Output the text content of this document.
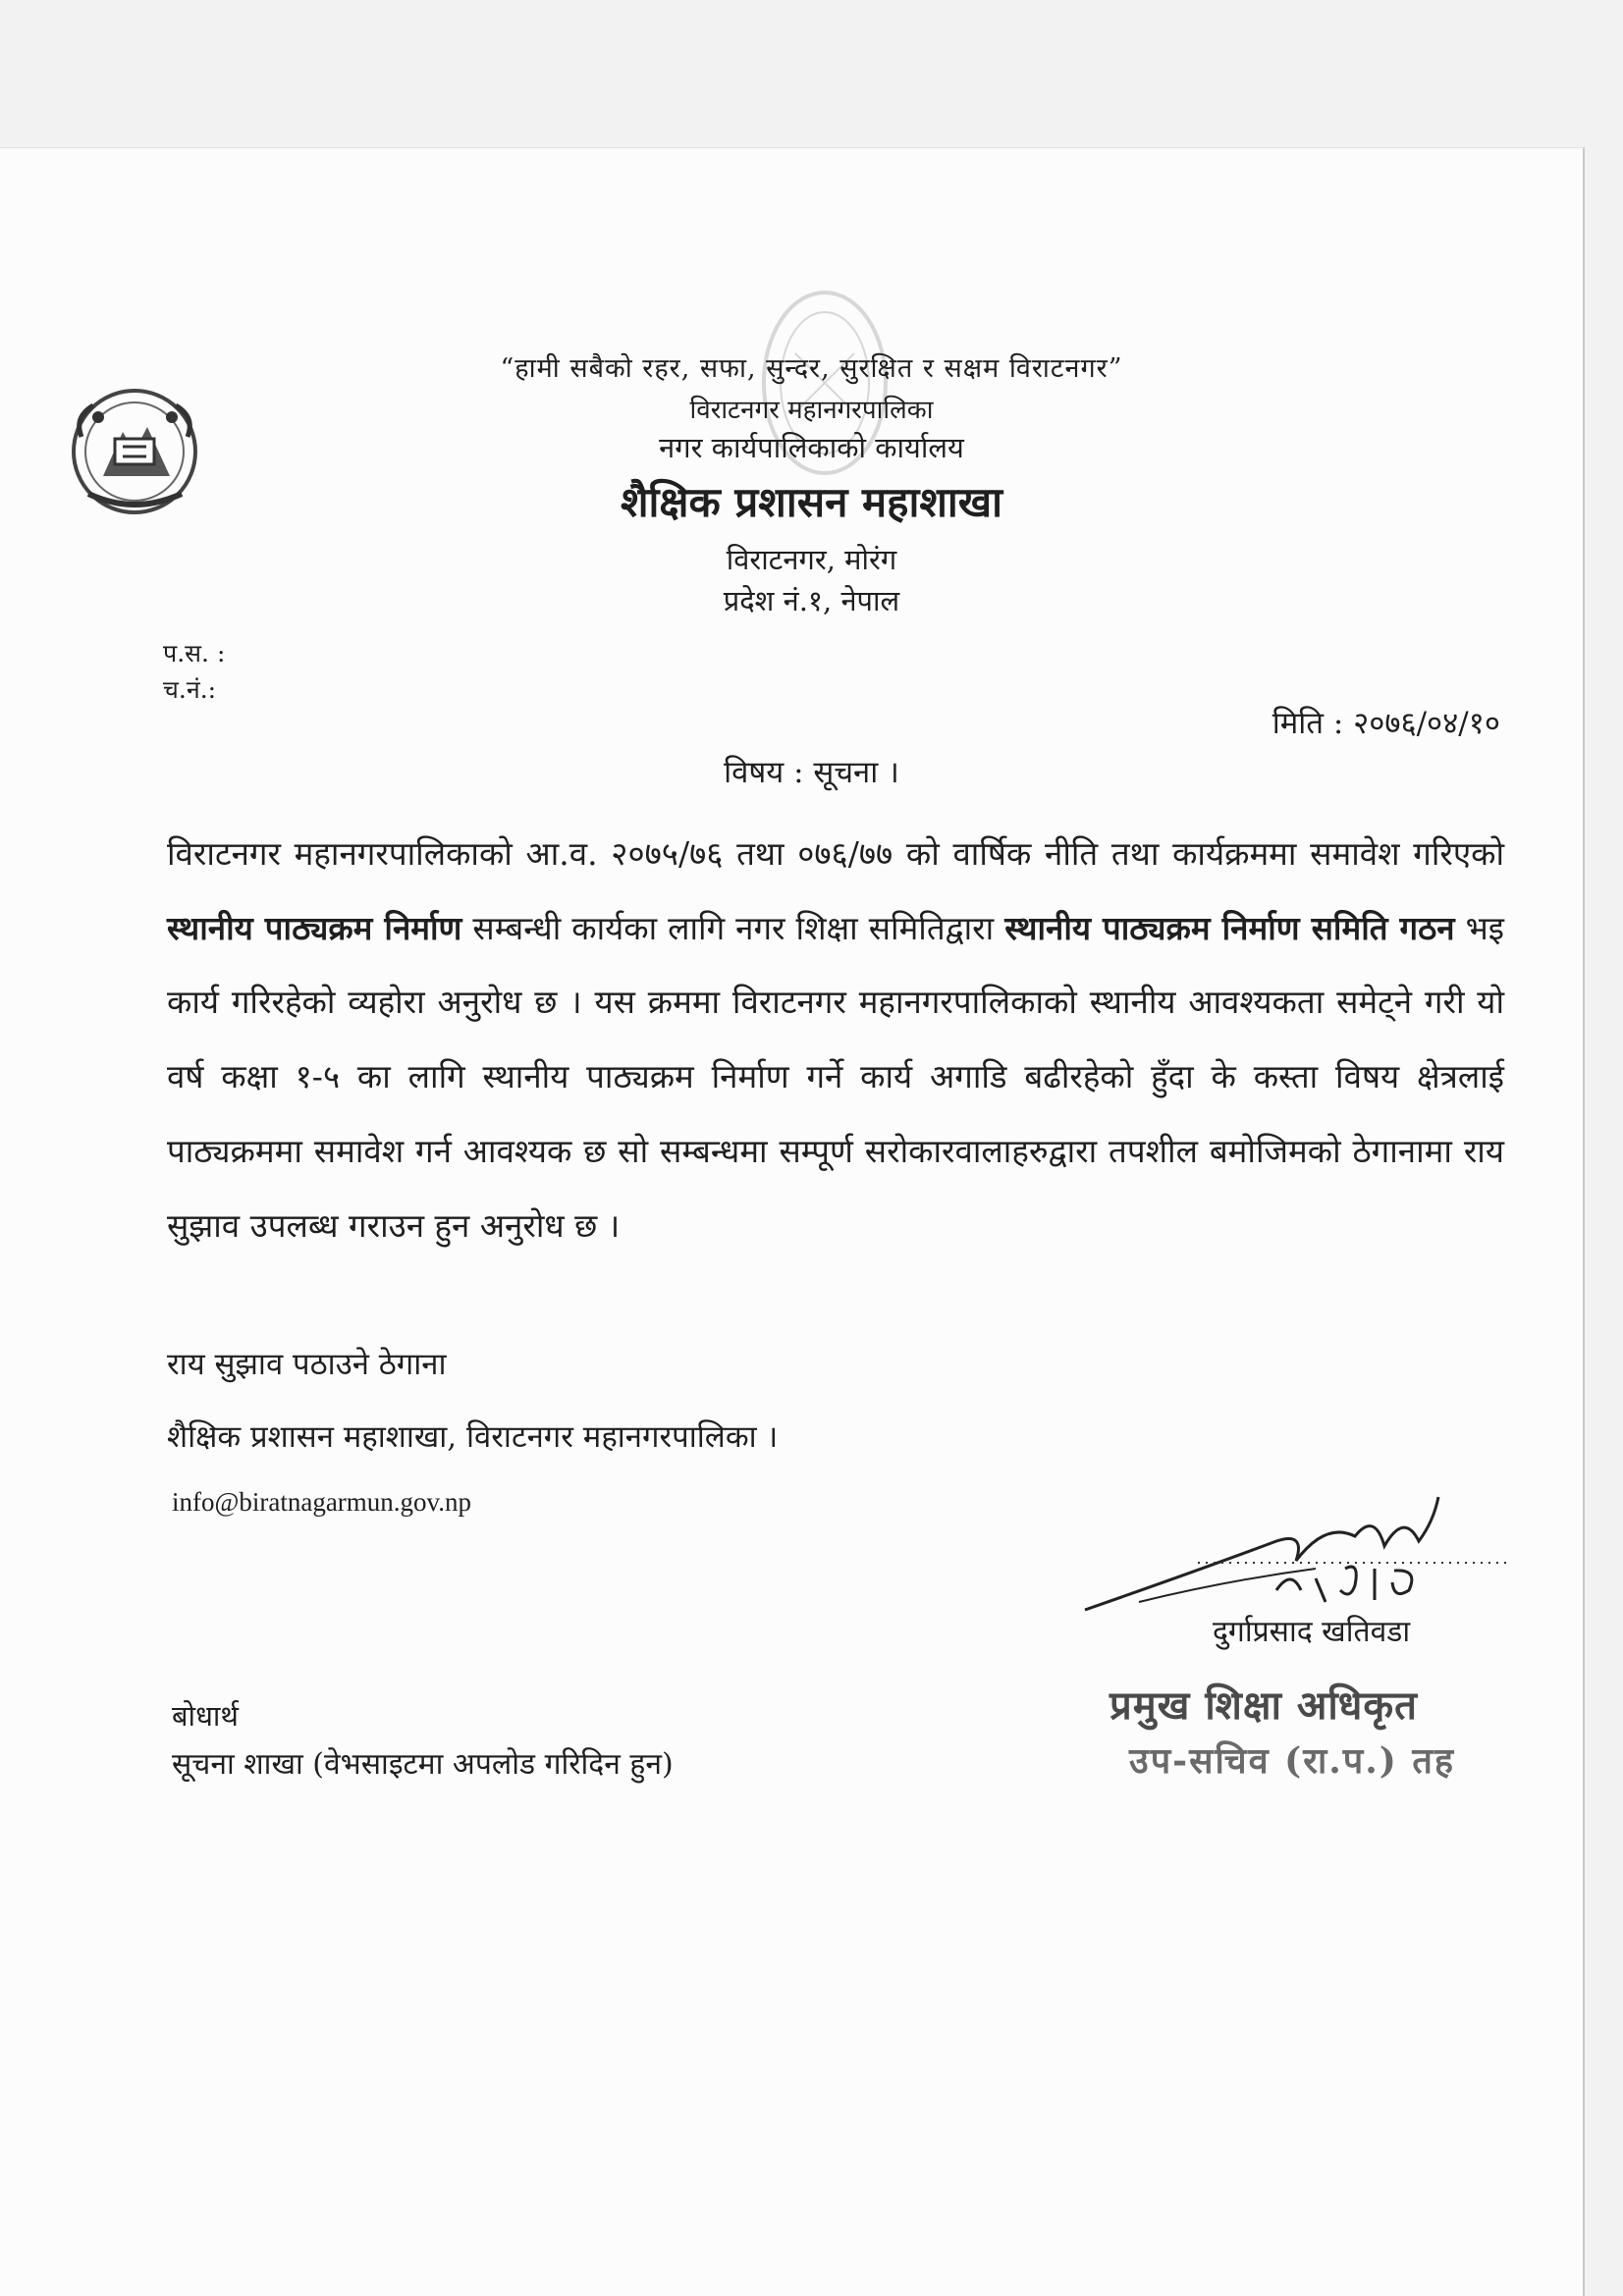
“हामी सबैको रहर, सफा, सुन्दर, सुरक्षित र सक्षम विराटनगर”
विराटनगर महानगरपालिका
नगर कार्यपालिकाको कार्यालय
शैक्षिक प्रशासन महाशाखा
विराटनगर, मोरंग
प्रदेश नं.१, नेपाल
प.स. :
च.नं.:
मिति : २०७६/०४/१०
विषय : सूचना ।

विराटनगर महानगरपालिकाको आ.व. २०७५/७६ तथा ०७६/७७ को वार्षिक नीति तथा कार्यक्रममा समावेश गरिएको स्थानीय पाठ्यक्रम निर्माण सम्बन्धी कार्यका लागि नगर शिक्षा समितिद्वारा स्थानीय पाठ्यक्रम निर्माण समिति गठन भइ कार्य गरिरहेको व्यहोरा अनुरोध छ । यस क्रममा विराटनगर महानगरपालिकाको स्थानीय आवश्यकता समेट्ने गरी यो वर्ष कक्षा १-५ का लागि स्थानीय पाठ्यक्रम निर्माण गर्ने कार्य अगाडि बढीरहेको हुँदा के कस्ता विषय क्षेत्रलाई पाठ्यक्रममा समावेश गर्न आवश्यक छ सो सम्बन्धमा सम्पूर्ण सरोकारवालाहरुद्वारा तपशील बमोजिमको ठेगानामा राय सुझाव उपलब्ध गराउन हुन अनुरोध छ ।

राय सुझाव पठाउने ठेगाना
शैक्षिक प्रशासन महाशाखा, विराटनगर महानगरपालिका ।
info@biratnagarmun.gov.np
दुर्गाप्रसाद खतिवडा
प्रमुख शिक्षा अधिकृत
उप-सचिव (रा.प.) तह
बोधार्थ
सूचना शाखा (वेभसाइटमा अपलोड गरिदिन हुन)
